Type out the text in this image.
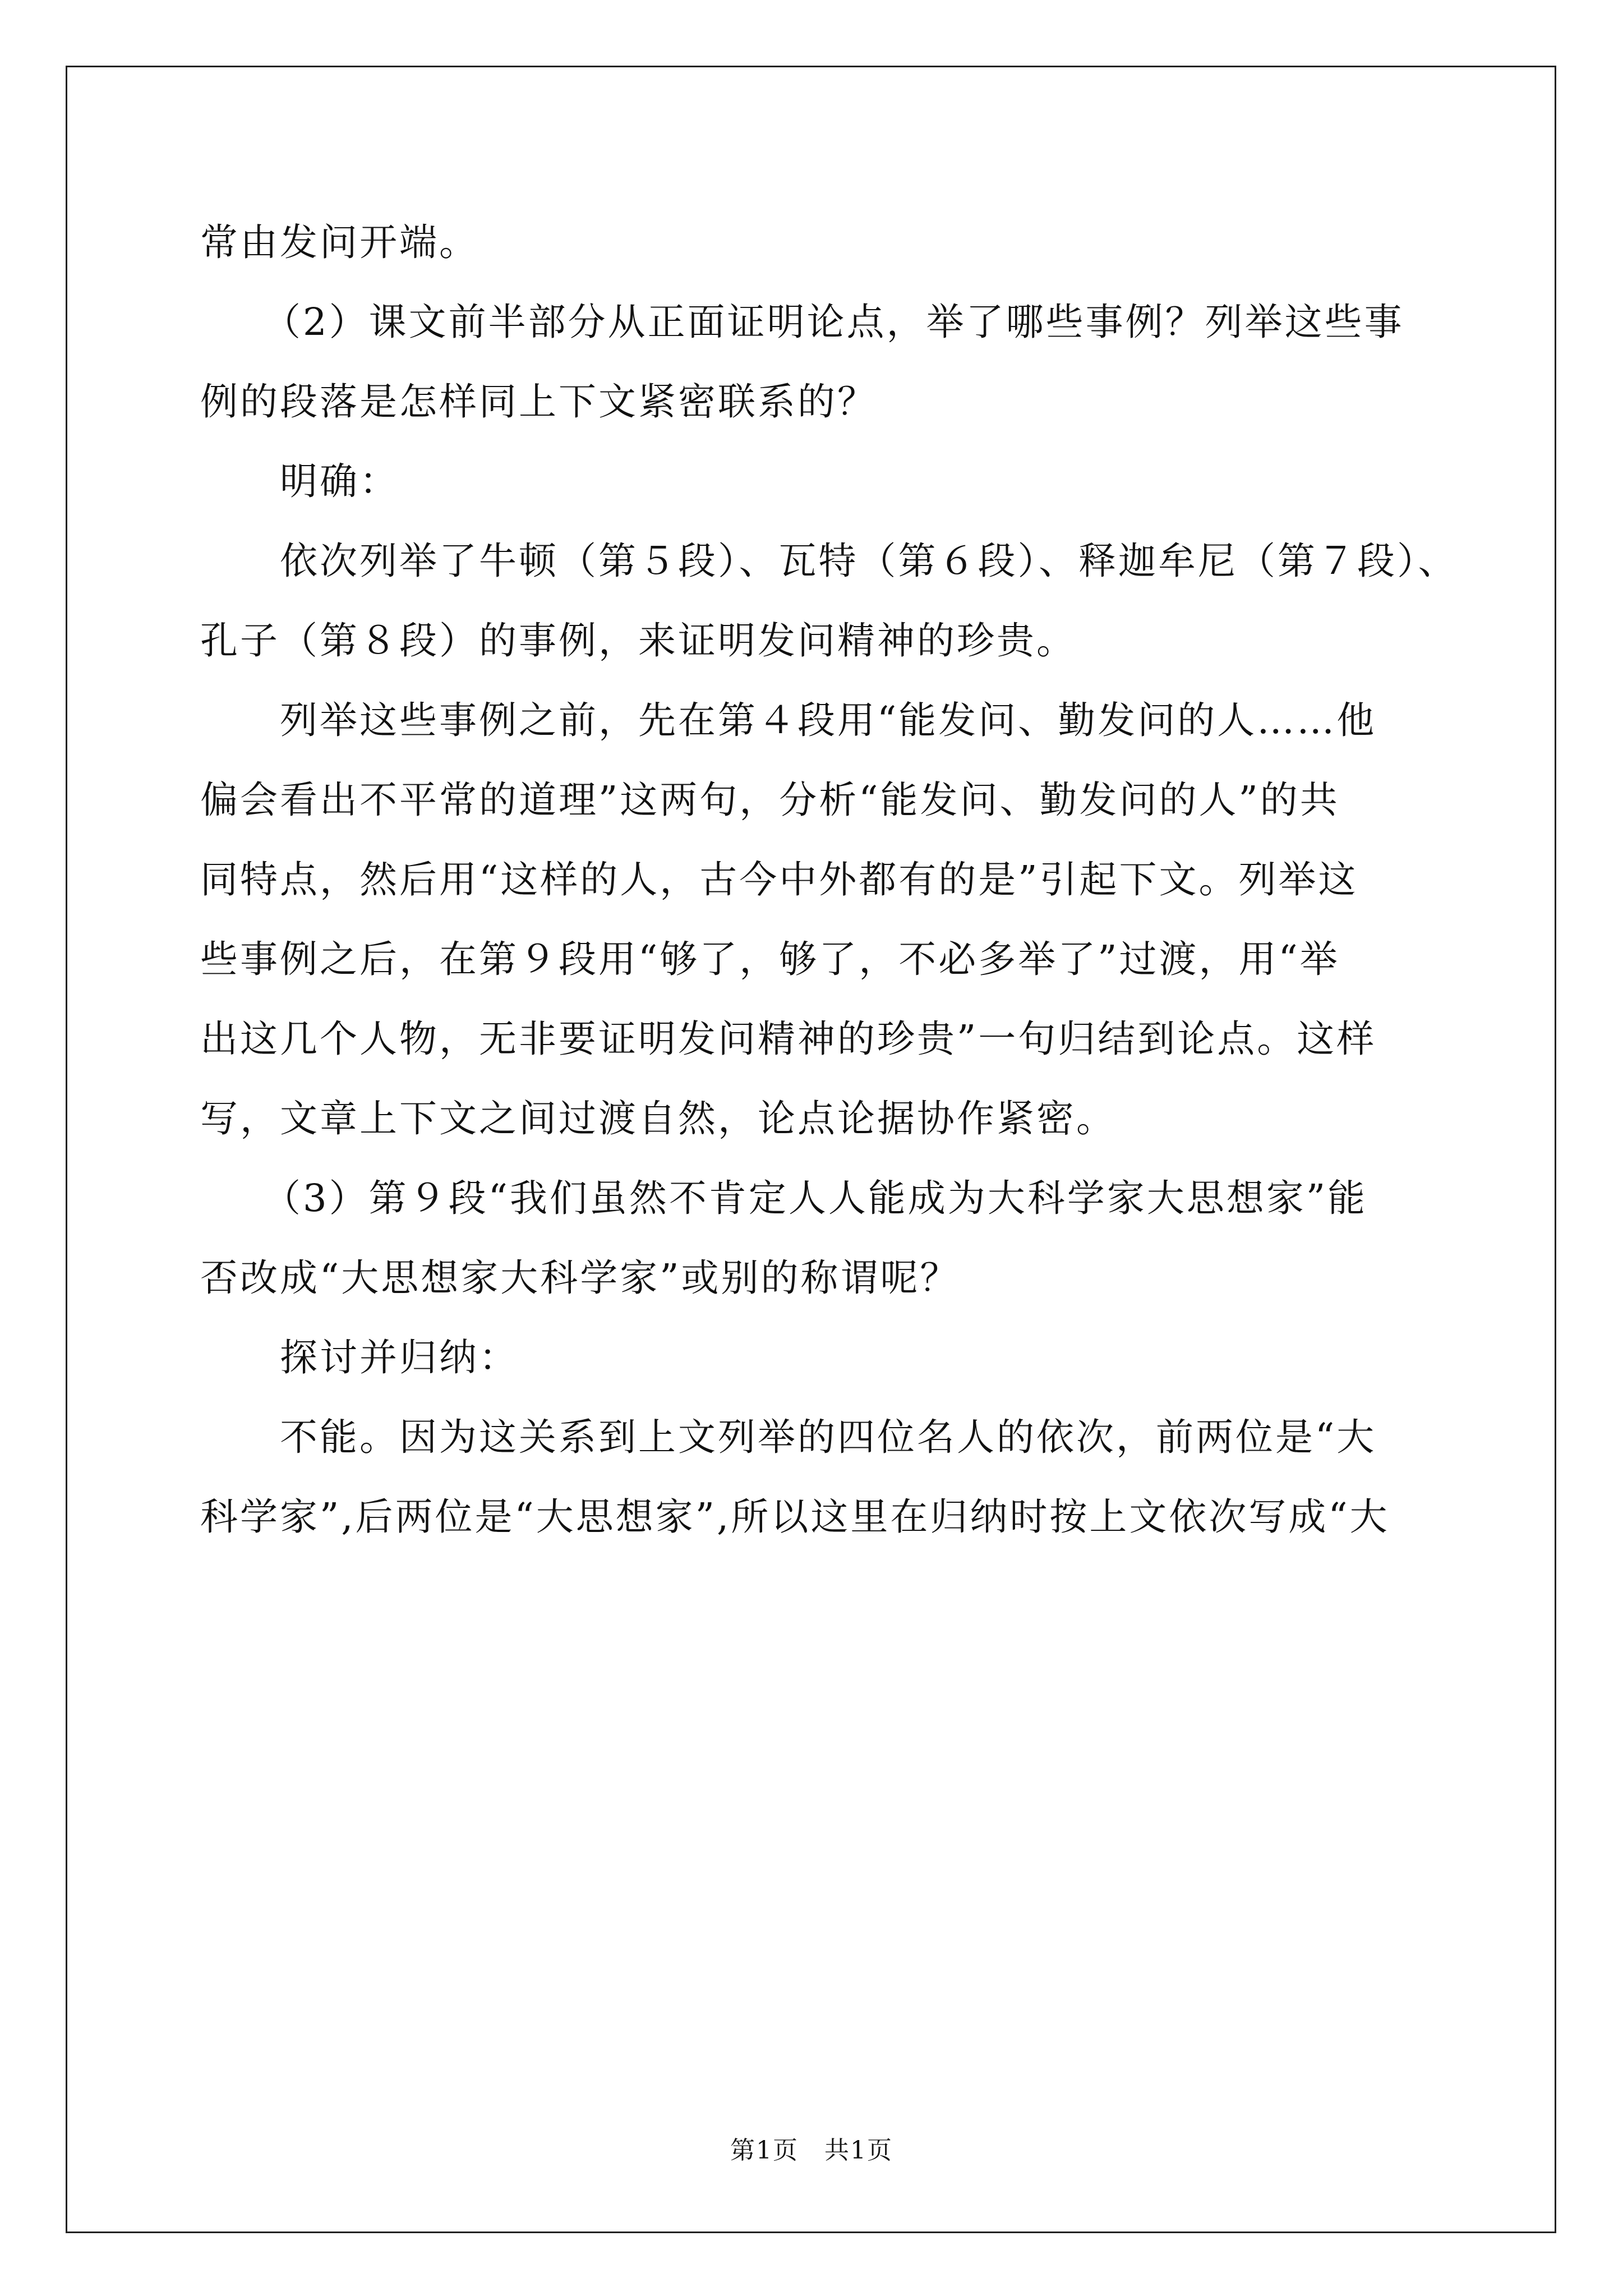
常由发问开端。
（2）课文前半部分从正面证明论点，举了哪些事例？列举这些事
例的段落是怎样同上下文紧密联系的？
明确：
依次列举了牛顿（第５段）、瓦特（第６段）、释迦牟尼（第７段）、
孔子（第８段）的事例，来证明发问精神的珍贵。
列举这些事例之前，先在第４段用“能发问、勤发问的人……他
偏会看出不平常的道理”这两句，分析“能发问、勤发问的人”的共
同特点，然后用“这样的人，古今中外都有的是”引起下文。列举这
些事例之后，在第９段用“够了，够了，不必多举了”过渡，用“举
出这几个人物，无非要证明发问精神的珍贵”一句归结到论点。这样
写，文章上下文之间过渡自然，论点论据协作紧密。
（3）第９段“我们虽然不肯定人人能成为大科学家大思想家”能
否改成“大思想家大科学家”或别的称谓呢？
探讨并归纳：
不能。因为这关系到上文列举的四位名人的依次，前两位是“大
科学家”,后两位是“大思想家”,所以这里在归纳时按上文依次写成“大
第1页　共1页
